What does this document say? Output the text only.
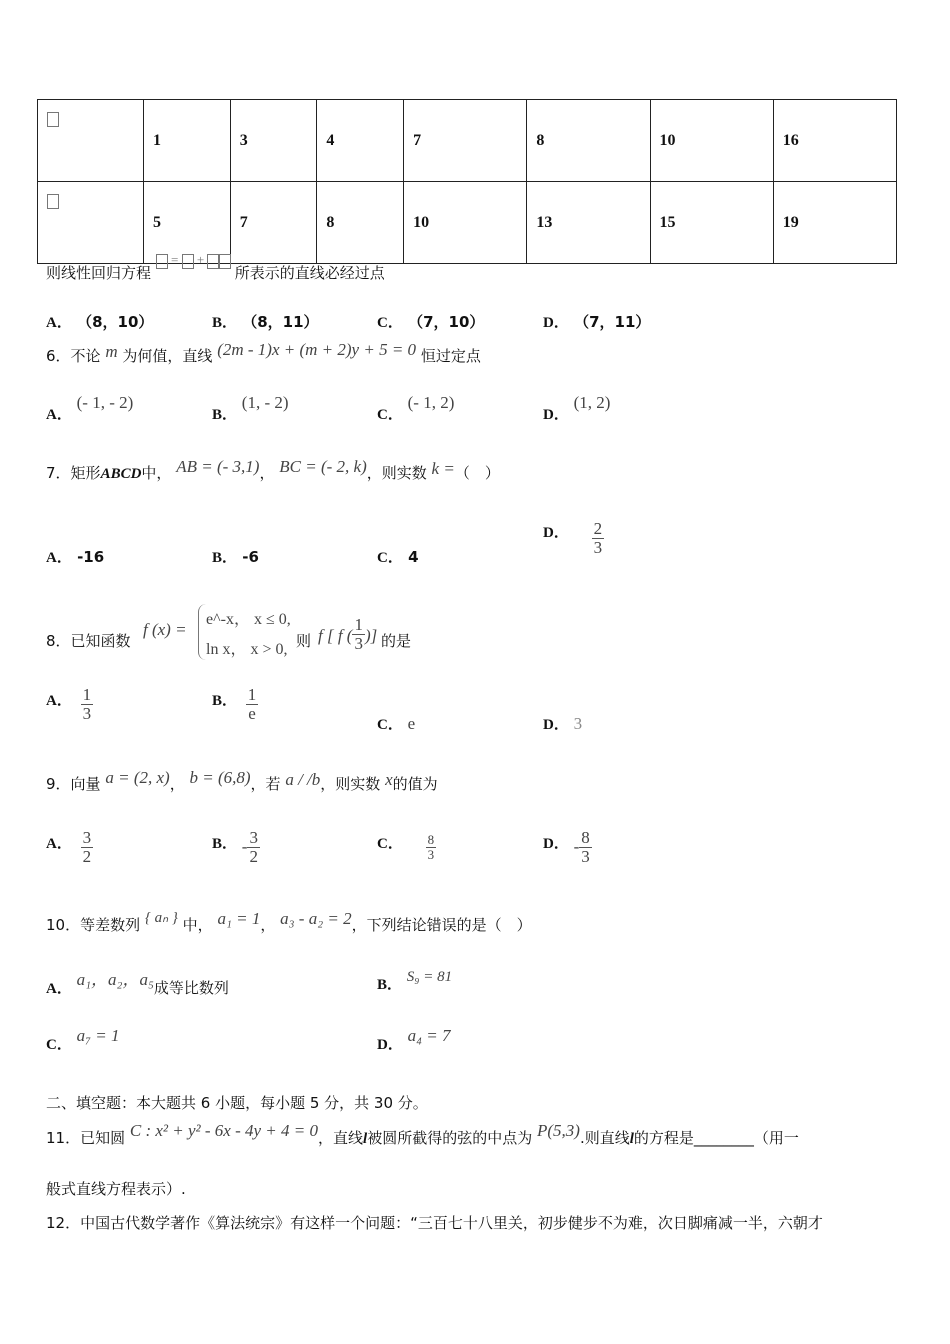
	1	3	4	7	8	10	16
	5	7	8	10	13	15	19
则线性回归方程  =  +  所表示的直线必经过点
A． （8，10）	B． （8，11）	C． （7，10）	D． （7，11）
6．不论 m 为何值，直线 (2m - 1)x + (m + 2)y + 5 = 0 恒过定点
A． (- 1, - 2)
B． (1, - 2)
C． (- 1, 2)
D． (1, 2)
7．矩形ABCD中， AB = (- 3,1)， BC = (- 2, k)，则实数 k =（　）
A． -16	B． -6	C． 4
D． $\frac{2}{3}$
8．已知函数
f (x) =
e^-x， x ≤ 0,
ln x， x > 0, 则 f [ f ( $\frac{1}{3}$ )] 的是
A． $\frac{1}{3}$	B． $\frac{1}{e}$
C． e	D． 3
9．向量 a = (2, x)， b = (6,8)，若 a / /b，则实数 x的值为
A． $\frac{3}{2}$	B． - $\frac{3}{2}$	C． $\frac{8}{3}$	D． - $\frac{8}{3}$
10．等差数列 { aₙ } 中， a₁ = 1， a₃ - a₂ = 2，下列结论错误的是（　）
A． a₁，a₂，a₅成等比数列	B． S₉ = 81
C． a₇ = 1	D． a₄ = 7
二、填空题：本大题共 6 小题，每小题 5 分，共 30 分。
11．已知圆 C : x² + y² - 6x - 4y + 4 = 0，直线l被圆所截得的弦的中点为 P(5,3).则直线l的方程是________（用一
般式直线方程表示）.
12．中国古代数学著作《算法统宗》有这样一个问题：“三百七十八里关，初步健步不为难，次日脚痛减一半，六朝才
